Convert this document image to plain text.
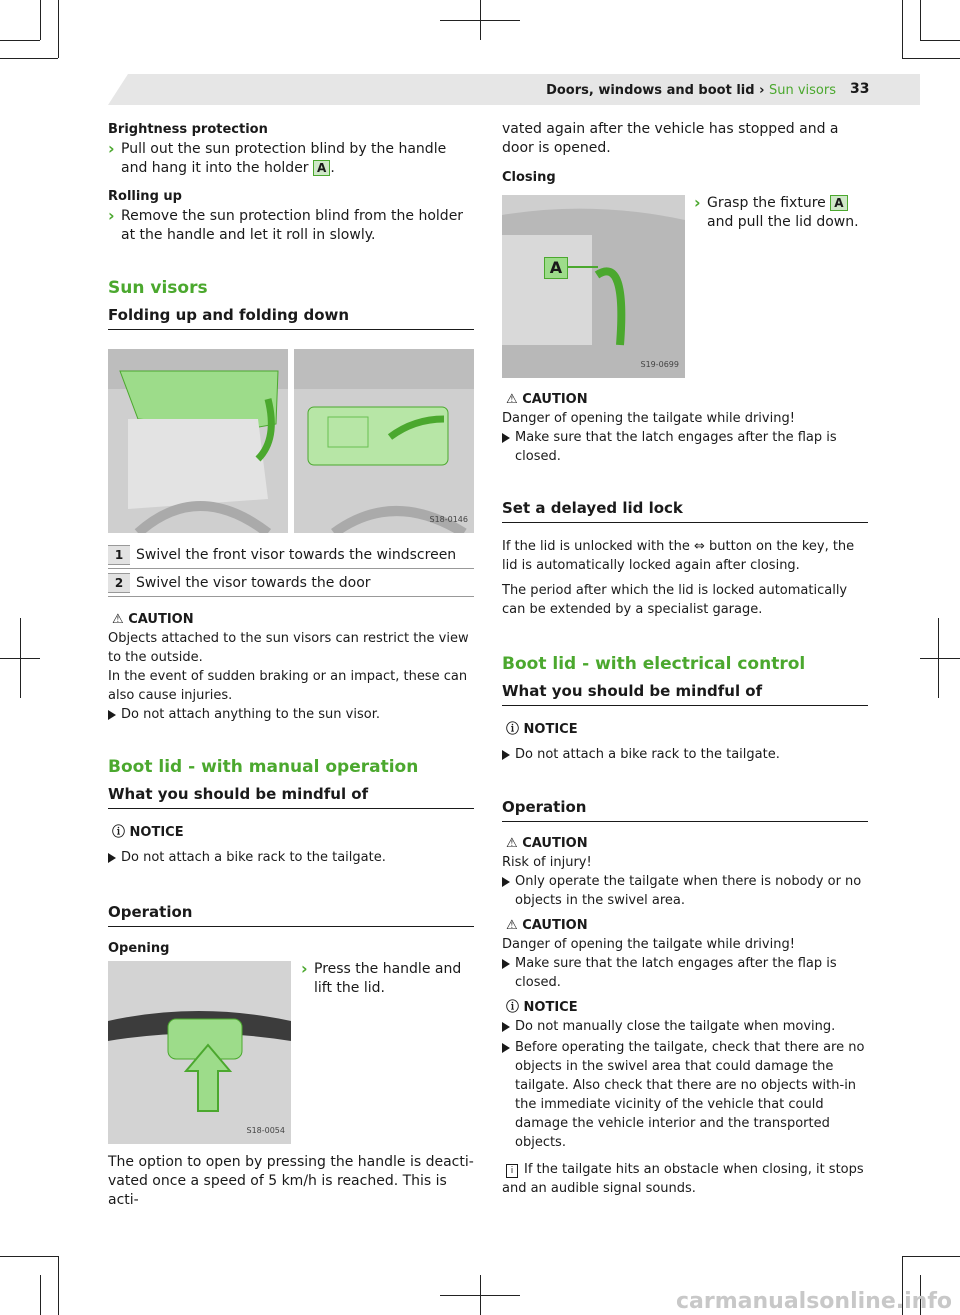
Doors, windows and boot lid › Sun visors 33
Brightness protection
› Pull out the sun protection blind by the handle and hang it into the holder A .
Rolling up
› Remove the sun protection blind from the holder at the handle and let it roll in slowly.
Sun visors
Folding up and folding down
S18-0146
1 Swivel the front visor towards the windscreen
2 Swivel the visor towards the door
⚠ CAUTION
Objects attached to the sun visors can restrict the view to the outside.
In the event of sudden braking or an impact, these can also cause injuries.
Do not attach anything to the sun visor.
Boot lid - with manual operation
What you should be mindful of
ⓘ NOTICE
Do not attach a bike rack to the tailgate.
Operation
Opening
S18-0054
› Press the handle and lift the lid.
The option to open by pressing the handle is deacti-vated once a speed of 5 km/h is reached. This is acti-
vated again after the vehicle has stopped and a door is opened.
Closing
A
S19-0699
› Grasp the fixture A and pull the lid down.
⚠ CAUTION
Danger of opening the tailgate while driving!
Make sure that the latch engages after the flap is closed.
Set a delayed lid lock
If the lid is unlocked with the ⇔ button on the key, the lid is automatically locked again after closing.
The period after which the lid is locked automatically can be extended by a specialist garage.
Boot lid - with electrical control
What you should be mindful of
ⓘ NOTICE
Do not attach a bike rack to the tailgate.
Operation
⚠ CAUTION
Risk of injury!
Only operate the tailgate when there is nobody or no objects in the swivel area.
⚠ CAUTION
Danger of opening the tailgate while driving!
Make sure that the latch engages after the flap is closed.
ⓘ NOTICE
Do not manually close the tailgate when moving.
Before operating the tailgate, check that there are no objects in the swivel area that could damage the tailgate. Also check that there are no objects with-in the immediate vicinity of the vehicle that could damage the vehicle interior and the transported objects.
i If the tailgate hits an obstacle when closing, it stops and an audible signal sounds.
carmanualsonline.info
